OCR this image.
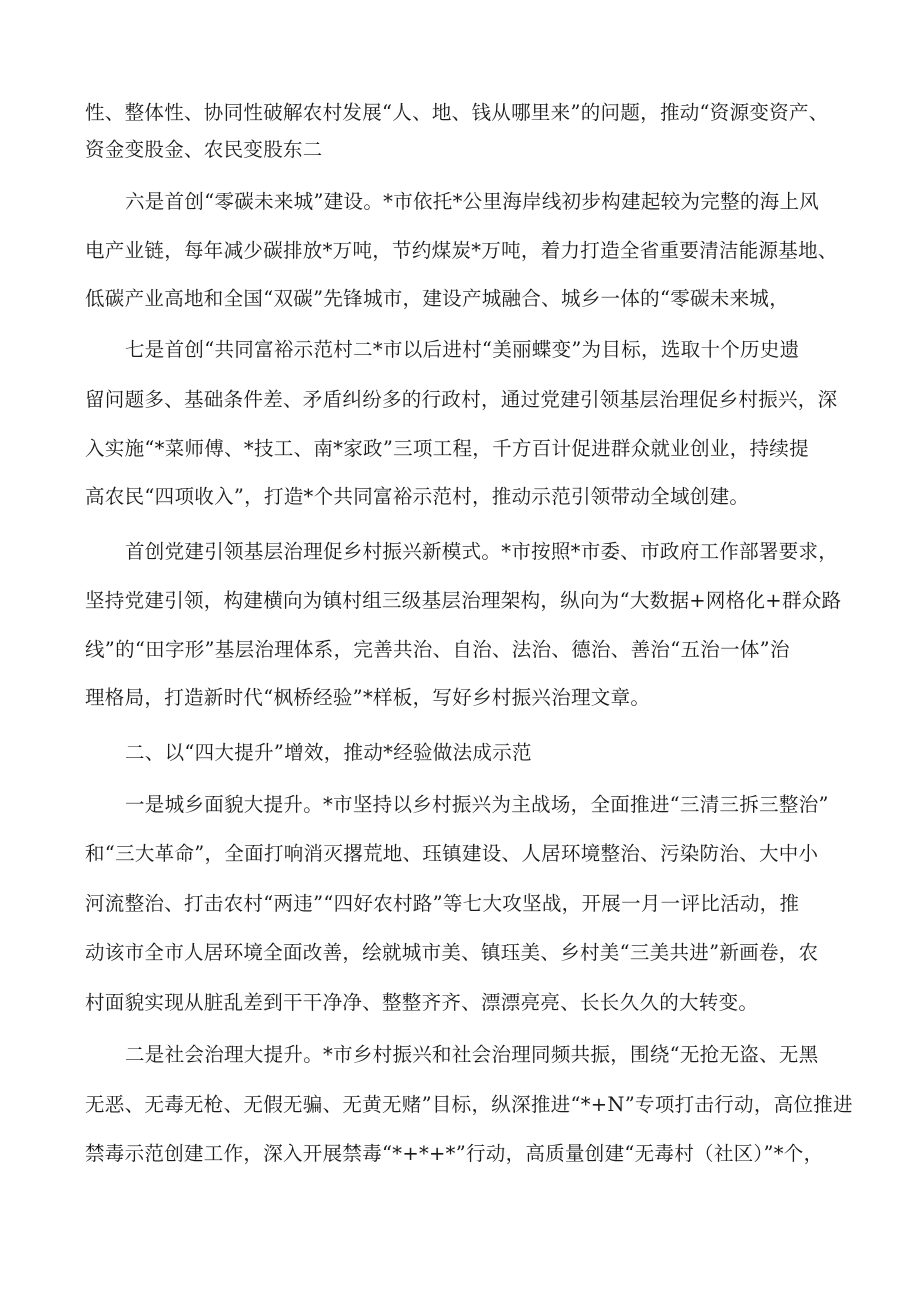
性、整体性、协同性破解农村发展“人、地、钱从哪里来”的问题，推动“资源变资产、
资金变股金、农民变股东二
六是首创“零碳未来城”建设。*市依托*公里海岸线初步构建起较为完整的海上风
电产业链，每年减少碳排放*万吨，节约煤炭*万吨，着力打造全省重要清洁能源基地、
低碳产业高地和全国“双碳”先锋城市，建设产城融合、城乡一体的“零碳未来城，
七是首创“共同富裕示范村二*市以后进村“美丽蝶变”为目标，选取十个历史遗
留问题多、基础条件差、矛盾纠纷多的行政村，通过党建引领基层治理促乡村振兴，深
入实施“*菜师傅、*技工、南*家政”三项工程，千方百计促进群众就业创业，持续提
高农民“四项收入”，打造*个共同富裕示范村，推动示范引领带动全域创建。
首创党建引领基层治理促乡村振兴新模式。*市按照*市委、市政府工作部署要求，
坚持党建引领，构建横向为镇村组三级基层治理架构，纵向为“大数据+网格化+群众路
线”的“田字形”基层治理体系，完善共治、自治、法治、德治、善治“五治一体”治
理格局，打造新时代“枫桥经验”*样板，写好乡村振兴治理文章。
二、以“四大提升”增效，推动*经验做法成示范
一是城乡面貌大提升。*市坚持以乡村振兴为主战场，全面推进“三清三拆三整治”
和“三大革命”，全面打响消灭撂荒地、珏镇建设、人居环境整治、污染防治、大中小
河流整治、打击农村“两违”“四好农村路”等七大攻坚战，开展一月一评比活动，推
动该市全市人居环境全面改善，绘就城市美、镇珏美、乡村美“三美共进”新画卷，农
村面貌实现从脏乱差到干干净净、整整齐齐、漂漂亮亮、长长久久的大转变。
二是社会治理大提升。*市乡村振兴和社会治理同频共振，围绕“无抢无盗、无黑
无恶、无毒无枪、无假无骗、无黄无赌”目标，纵深推进“*+N”专项打击行动，高位推进
禁毒示范创建工作，深入开展禁毒“*+*+*”行动，高质量创建“无毒村（社区）”*个，
